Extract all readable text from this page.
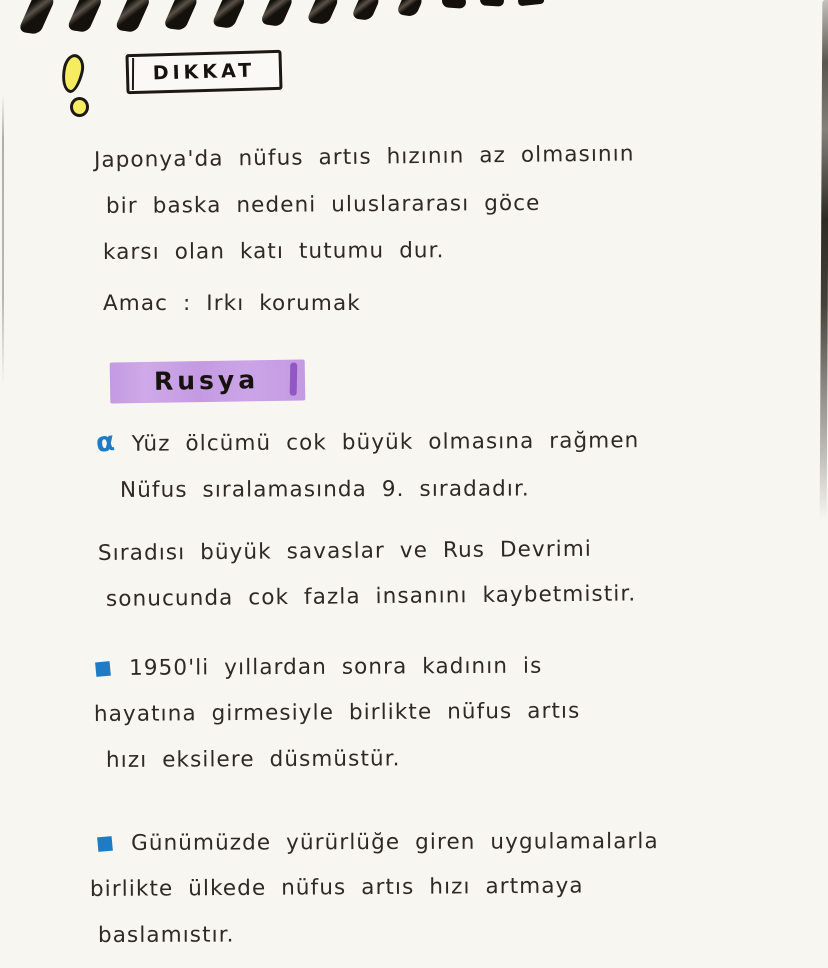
DIKKAT
Japonya'da nüfus artıs hızının az olmasının
bir baska nedeni uluslararası göce
karsı olan katı tutumu dur.
Amac : Irkı korumak
Rusya
α Yüz ölcümü cok büyük olmasına rağmen
Nüfus sıralamasında 9. sıradadır.
Sıradısı büyük savaslar ve Rus Devrimi
sonucunda cok fazla insanını kaybetmistir.
■ 1950'li yıllardan sonra kadının is
hayatına girmesiyle birlikte nüfus artıs
hızı eksilere düsmüstür.
■ Günümüzde yürürlüğe giren uygulamalarla
birlikte ülkede nüfus artıs hızı artmaya
baslamıstır.
